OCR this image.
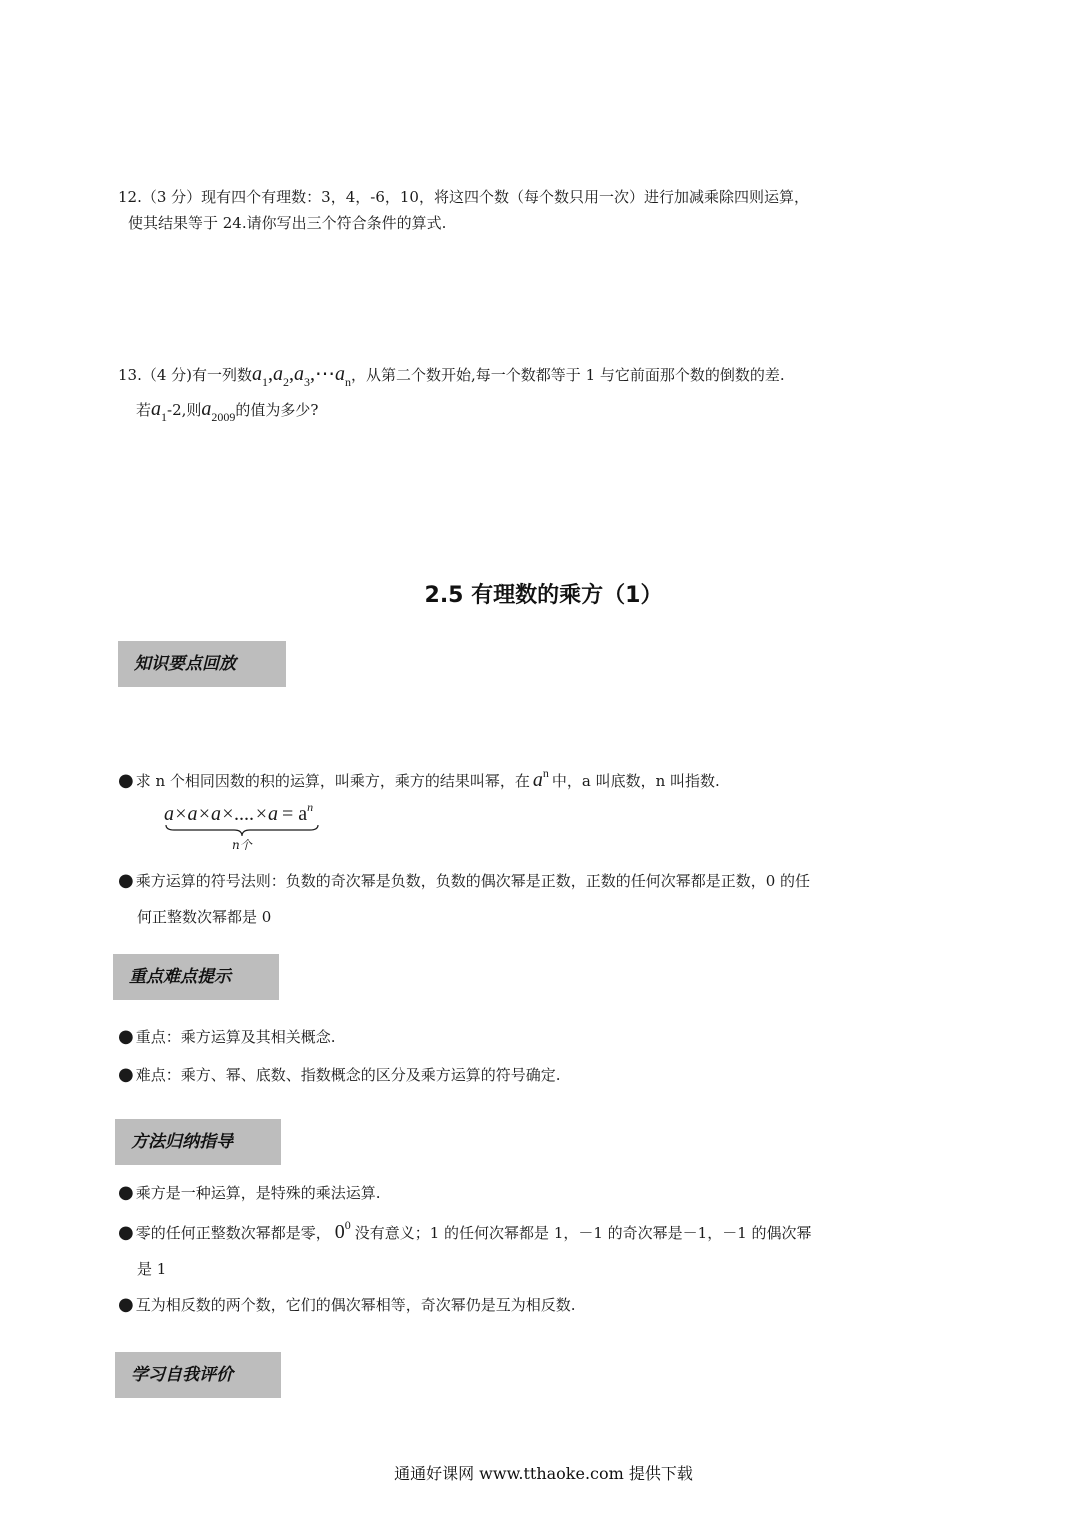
12.（3 分）现有四个有理数：3，4，-6，10，将这四个数（每个数只用一次）进行加减乘除四则运算，
使其结果等于 24.请你写出三个符合条件的算式.
13.（4 分)有一列数$a_1,a_2,a_3,\cdots a_n$，从第二个数开始,每一个数都等于 1 与它前面那个数的倒数的差.
若$a_1-2$,则$a_{2009}$的值为多少?
2.5 有理数的乘方（1）
知识要点回放
● 求 n 个相同因数的积的运算，叫乘方，乘方的结果叫幂，在 $a^n$ 中，a 叫底数，n 叫指数.
$a\times a\times a\times....\times a = a^n$
n个
● 乘方运算的符号法则：负数的奇次幂是负数，负数的偶次幂是正数，正数的任何次幂都是正数，0 的任
何正整数次幂都是 0
重点难点提示
● 重点：乘方运算及其相关概念.
● 难点：乘方、幂、底数、指数概念的区分及乘方运算的符号确定.
方法归纳指导
● 乘方是一种运算，是特殊的乘法运算.
● 零的任何正整数次幂都是零， $0^0$ 没有意义；1 的任何次幂都是 1，－1 的奇次幂是－1，－1 的偶次幂
是 1
● 互为相反数的两个数，它们的偶次幂相等，奇次幂仍是互为相反数.
学习自我评价
通通好课网 www.tthaoke.com 提供下载
